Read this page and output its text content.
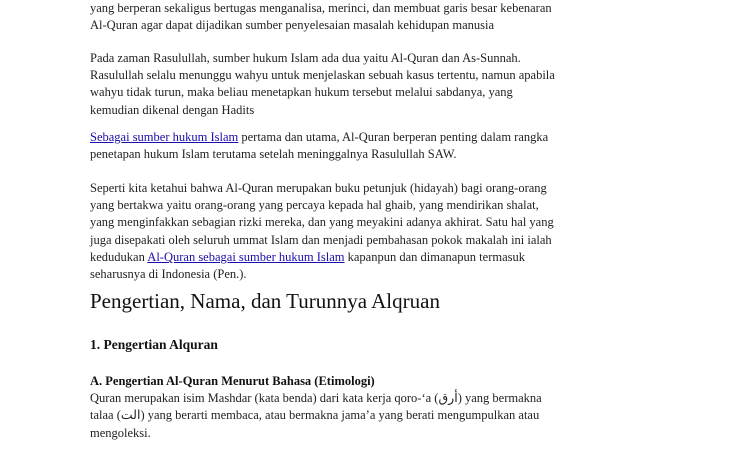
yang berperan sekaligus bertugas menganalisa, merinci, dan membuat garis besar kebenaran

Al-Quran agar dapat dijadikan sumber penyelesaian masalah kehidupan manusia

Pada zaman Rasulullah, sumber hukum Islam ada dua yaitu Al-Quran dan As-Sunnah.

Rasulullah selalu menunggu wahyu untuk menjelaskan sebuah kasus tertentu, namun apabila

wahyu tidak turun, maka beliau menetapkan hukum tersebut melalui sabdanya, yang

kemudian dikenal dengan Hadits

Sebagai sumber hukum Islam pertama dan utama, Al-Quran berperan penting dalam rangka

penetapan hukum Islam terutama setelah meninggalnya Rasulullah SAW.

Seperti kita ketahui bahwa Al-Quran merupakan buku petunjuk (hidayah) bagi orang-orang

yang bertakwa yaitu orang-orang yang percaya kepada hal ghaib, yang mendirikan shalat,

yang menginfakkan sebagian rizki mereka, dan yang meyakini adanya akhirat. Satu hal yang

juga disepakati oleh seluruh ummat Islam dan menjadi pembahasan pokok makalah ini ialah

kedudukan Al-Quran sebagai sumber hukum Islam kapanpun dan dimanapun termasuk

seharusnya di Indonesia (Pen.).

Pengertian, Nama, dan Turunnya Alqruan
1. Pengertian Alquran

A. Pengertian Al-Quran Menurut Bahasa (Etimologi)

Quran merupakan isim Mashdar (kata benda) dari kata kerja qoro-‘a (أرق) yang bermakna

talaa (الت) yang berarti membaca, atau bermakna jama’a yang berati mengumpulkan atau

mengoleksi.
